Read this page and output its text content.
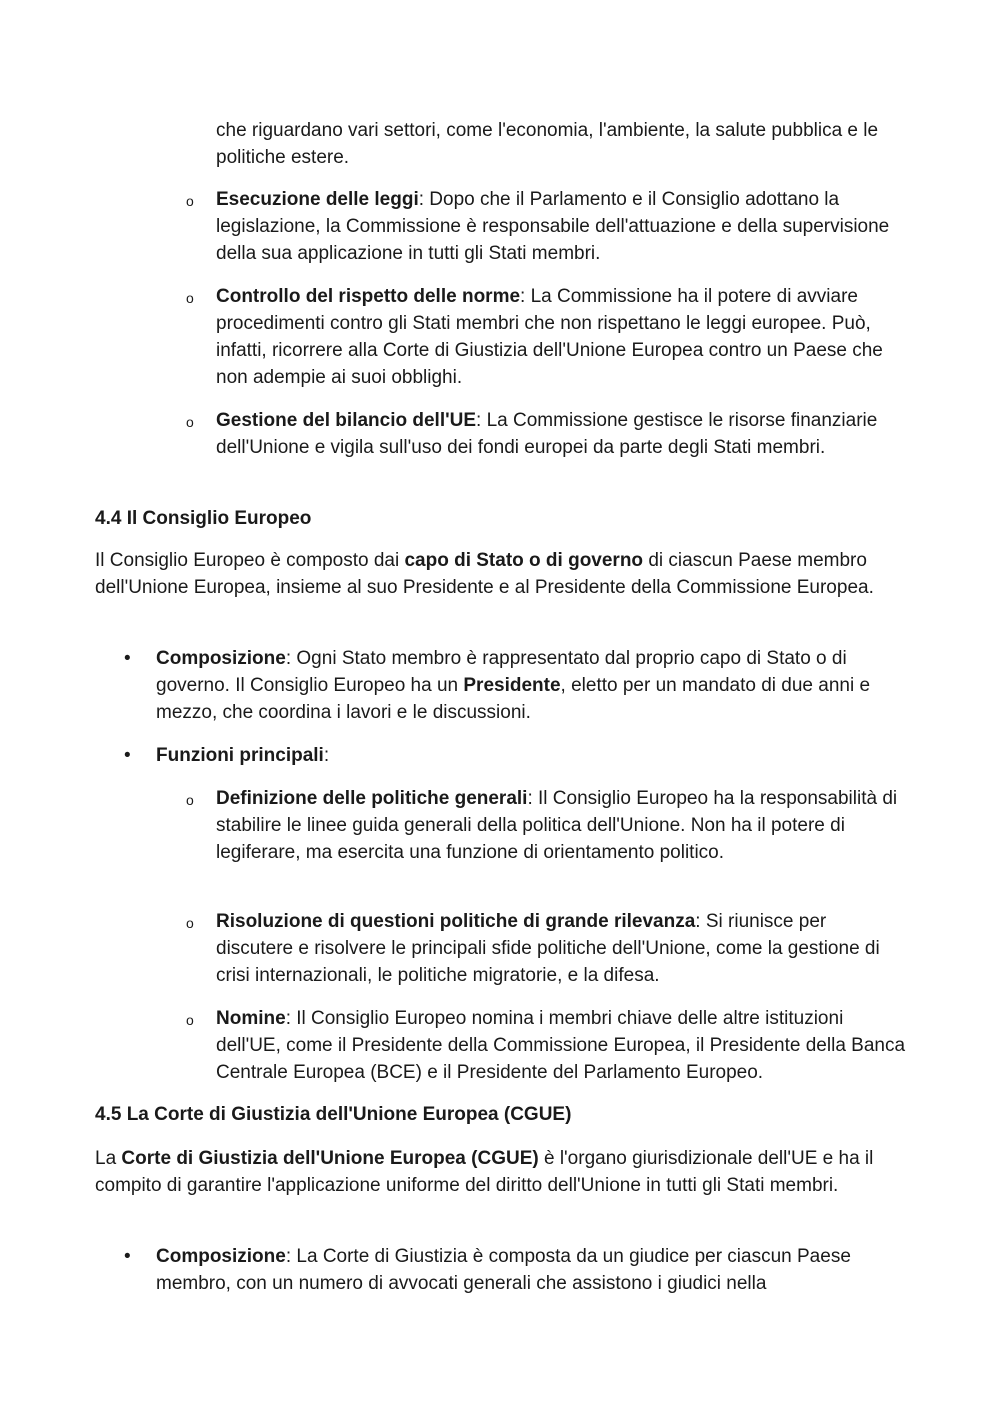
che riguardano vari settori, come l'economia, l'ambiente, la salute pubblica e le politiche estere.

o Esecuzione delle leggi: Dopo che il Parlamento e il Consiglio adottano la legislazione, la Commissione è responsabile dell'attuazione e della supervisione della sua applicazione in tutti gli Stati membri.

o Controllo del rispetto delle norme: La Commissione ha il potere di avviare procedimenti contro gli Stati membri che non rispettano le leggi europee. Può, infatti, ricorrere alla Corte di Giustizia dell'Unione Europea contro un Paese che non adempie ai suoi obblighi.

o Gestione del bilancio dell'UE: La Commissione gestisce le risorse finanziarie dell'Unione e vigila sull'uso dei fondi europei da parte degli Stati membri.

4.4 Il Consiglio Europeo

Il Consiglio Europeo è composto dai capo di Stato o di governo di ciascun Paese membro dell'Unione Europea, insieme al suo Presidente e al Presidente della Commissione Europea.

• Composizione: Ogni Stato membro è rappresentato dal proprio capo di Stato o di governo. Il Consiglio Europeo ha un Presidente, eletto per un mandato di due anni e mezzo, che coordina i lavori e le discussioni.

• Funzioni principali:

o Definizione delle politiche generali: Il Consiglio Europeo ha la responsabilità di stabilire le linee guida generali della politica dell'Unione. Non ha il potere di legiferare, ma esercita una funzione di orientamento politico.

o Risoluzione di questioni politiche di grande rilevanza: Si riunisce per discutere e risolvere le principali sfide politiche dell'Unione, come la gestione di crisi internazionali, le politiche migratorie, e la difesa.

o Nomine: Il Consiglio Europeo nomina i membri chiave delle altre istituzioni dell'UE, come il Presidente della Commissione Europea, il Presidente della Banca Centrale Europea (BCE) e il Presidente del Parlamento Europeo.

4.5 La Corte di Giustizia dell'Unione Europea (CGUE)

La Corte di Giustizia dell'Unione Europea (CGUE) è l'organo giurisdizionale dell'UE e ha il compito di garantire l'applicazione uniforme del diritto dell'Unione in tutti gli Stati membri.

• Composizione: La Corte di Giustizia è composta da un giudice per ciascun Paese membro, con un numero di avvocati generali che assistono i giudici nella
